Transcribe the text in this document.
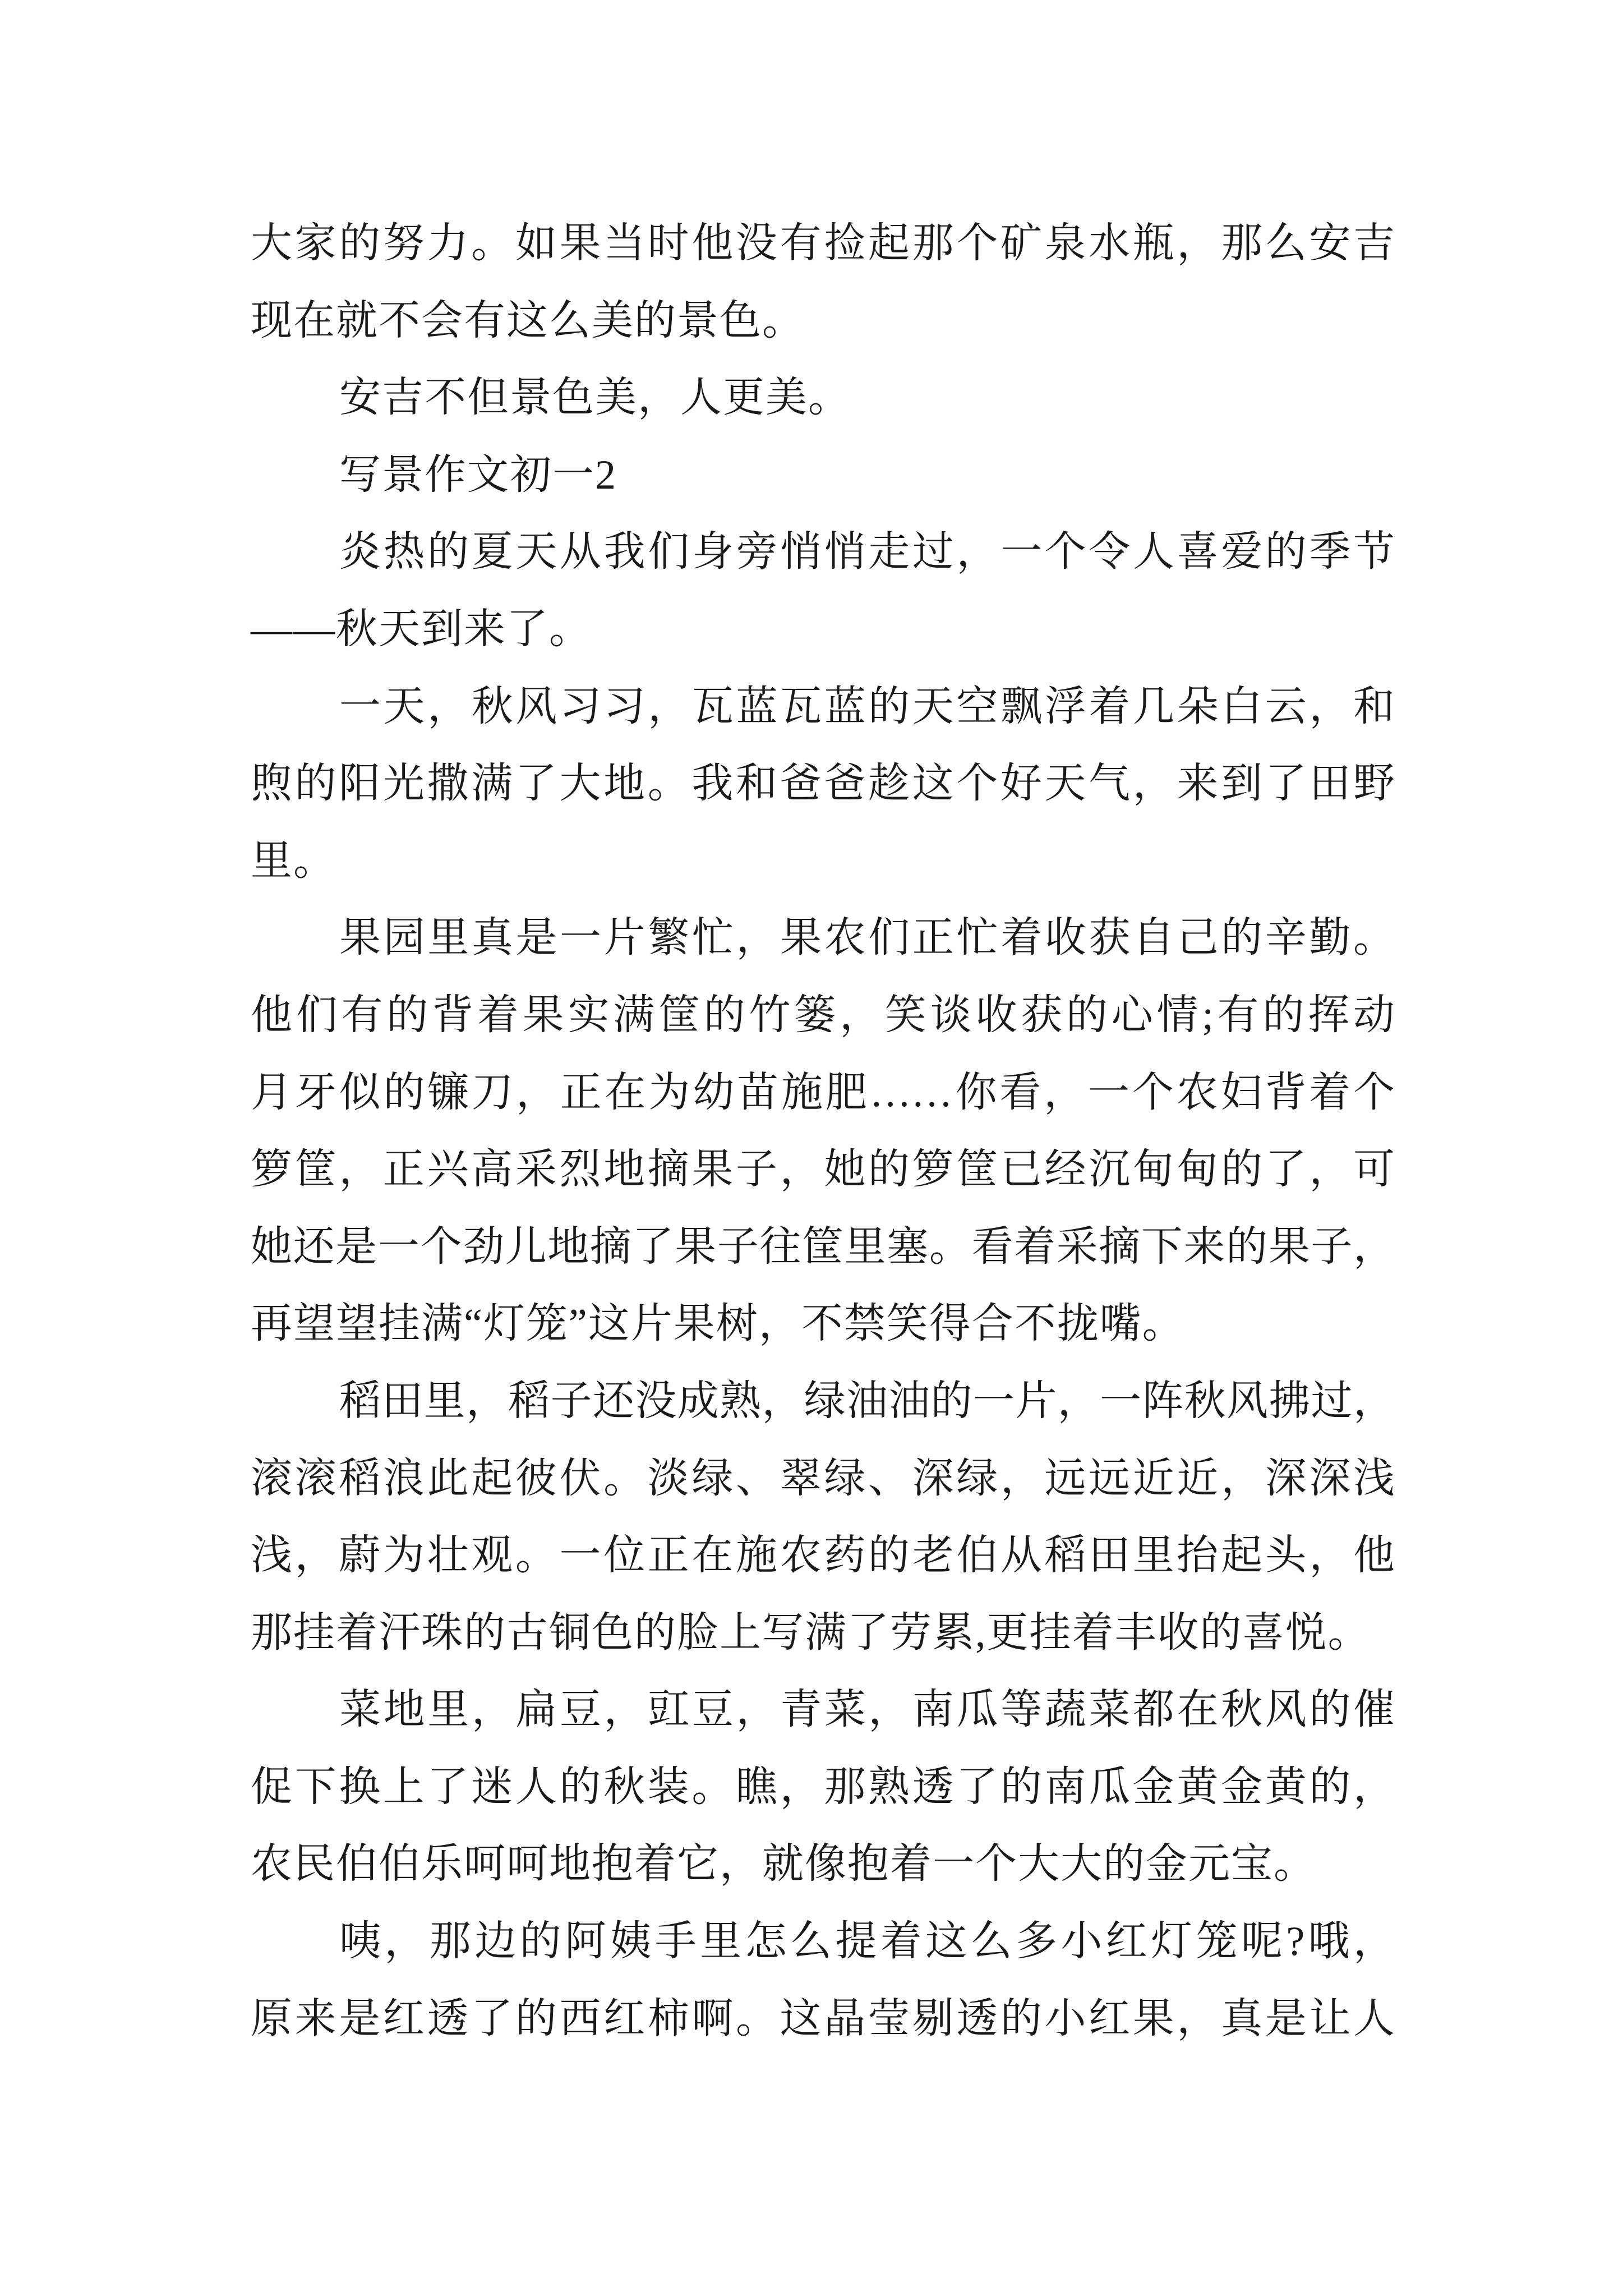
大家的努力。如果当时他没有捡起那个矿泉水瓶，那么安吉
现在就不会有这么美的景色。
安吉不但景色美，人更美。
写景作文初一2
炎热的夏天从我们身旁悄悄走过，一个令人喜爱的季节
——秋天到来了。
一天，秋风习习，瓦蓝瓦蓝的天空飘浮着几朵白云，和
煦的阳光撒满了大地。我和爸爸趁这个好天气，来到了田野
里。
果园里真是一片繁忙，果农们正忙着收获自己的辛勤。
他们有的背着果实满筐的竹篓，笑谈收获的心情;有的挥动
月牙似的镰刀，正在为幼苗施肥……你看，一个农妇背着个
箩筐，正兴高采烈地摘果子，她的箩筐已经沉甸甸的了，可
她还是一个劲儿地摘了果子往筐里塞。看着采摘下来的果子，
再望望挂满“灯笼”这片果树，不禁笑得合不拢嘴。
稻田里，稻子还没成熟，绿油油的一片，一阵秋风拂过，
滚滚稻浪此起彼伏。淡绿、翠绿、深绿，远远近近，深深浅
浅，蔚为壮观。一位正在施农药的老伯从稻田里抬起头，他
那挂着汗珠的古铜色的脸上写满了劳累,更挂着丰收的喜悦。
菜地里，扁豆，豇豆，青菜，南瓜等蔬菜都在秋风的催
促下换上了迷人的秋装。瞧，那熟透了的南瓜金黄金黄的，
农民伯伯乐呵呵地抱着它，就像抱着一个大大的金元宝。
咦，那边的阿姨手里怎么提着这么多小红灯笼呢?哦，
原来是红透了的西红柿啊。这晶莹剔透的小红果，真是让人
